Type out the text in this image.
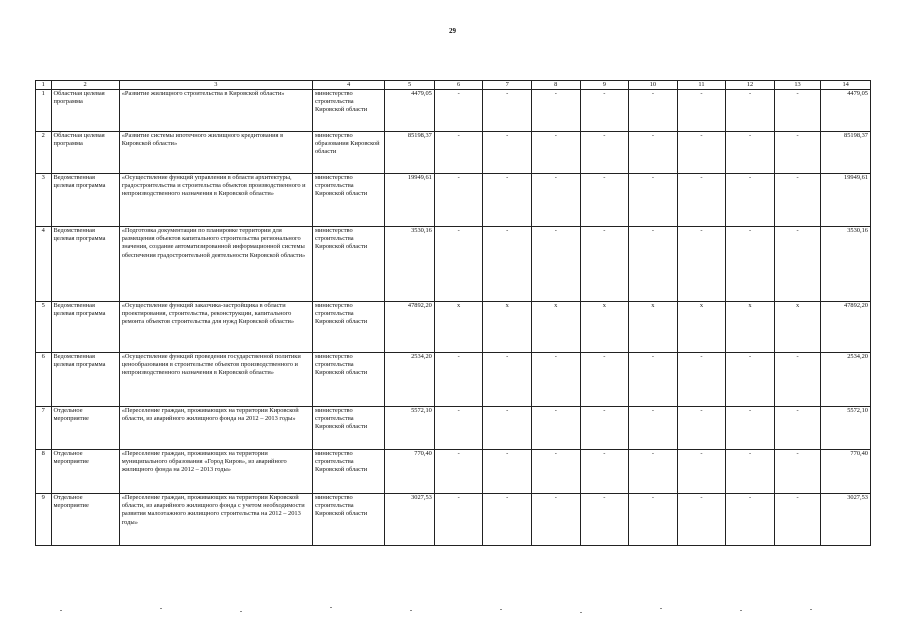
29
1	2	3	4	5	6	7	8	9	10	11	12	13	14
1	Областная целевая программа	«Развитие жилищного строительства в Кировской области»	министерство строительства Кировской области	4479,05	-	-	-	-	-	-	-	-	4479,05
2	Областная целевая программа	«Развитие системы ипотечного жилищного кредитования в Кировской области»	министерство образования Кировской области	85198,37	-	-	-	-	-	-	-	-	85198,37
3	Ведомственная целевая программа	«Осуществление функций управления в области архитектуры, градостроительства и строительства объектов производственного и непроизводственного назначения в Кировской области»	министерство строительства Кировской области	19949,61	-	-	-	-	-	-	-	-	19949,61
4	Ведомственная целевая программа	«Подготовка документации по планировке территории для размещения объектов капитального строительства регионального значения, создание автоматизированной информационной системы обеспечения градостроительной деятельности Кировской области»	министерство строительства Кировской области	3530,16	-	-	-	-	-	-	-	-	3530,16
5	Ведомственная целевая программа	«Осуществление функций заказчика-застройщика в области проектирования, строительства, реконструкции, капитального ремонта объектов строительства для нужд Кировской области»	министерство строительства Кировской области	47892,20	x	x	x	x	x	x	x	x	47892,20
6	Ведомственная целевая программа	«Осуществление функций проведения государственной политики ценообразования в строительстве объектов производственного и непроизводственного назначения в Кировской области»	министерство строительства Кировской области	2534,20	-	-	-	-	-	-	-	-	2534,20
7	Отдельное мероприятие	«Переселение граждан, проживающих на территории Кировской области, из аварийного жилищного фонда на 2012 – 2013 годы»	министерство строительства Кировской области	5572,10	-	-	-	-	-	-	-	-	5572,10
8	Отдельное мероприятие	«Переселение граждан, проживающих на территории муниципального образования «Город Киров», из аварийного жилищного фонда на 2012 – 2013 годы»	министерство строительства Кировской области	770,40	-	-	-	-	-	-	-	-	770,40
9	Отдельное мероприятие	«Переселение граждан, проживающих на территории Кировской области, из аварийного жилищного фонда с учетом необходимости развития малоэтажного жилищного строительства на 2012 – 2013 годы»	министерство строительства Кировской области	3027,53	-	-	-	-	-	-	-	-	3027,53
